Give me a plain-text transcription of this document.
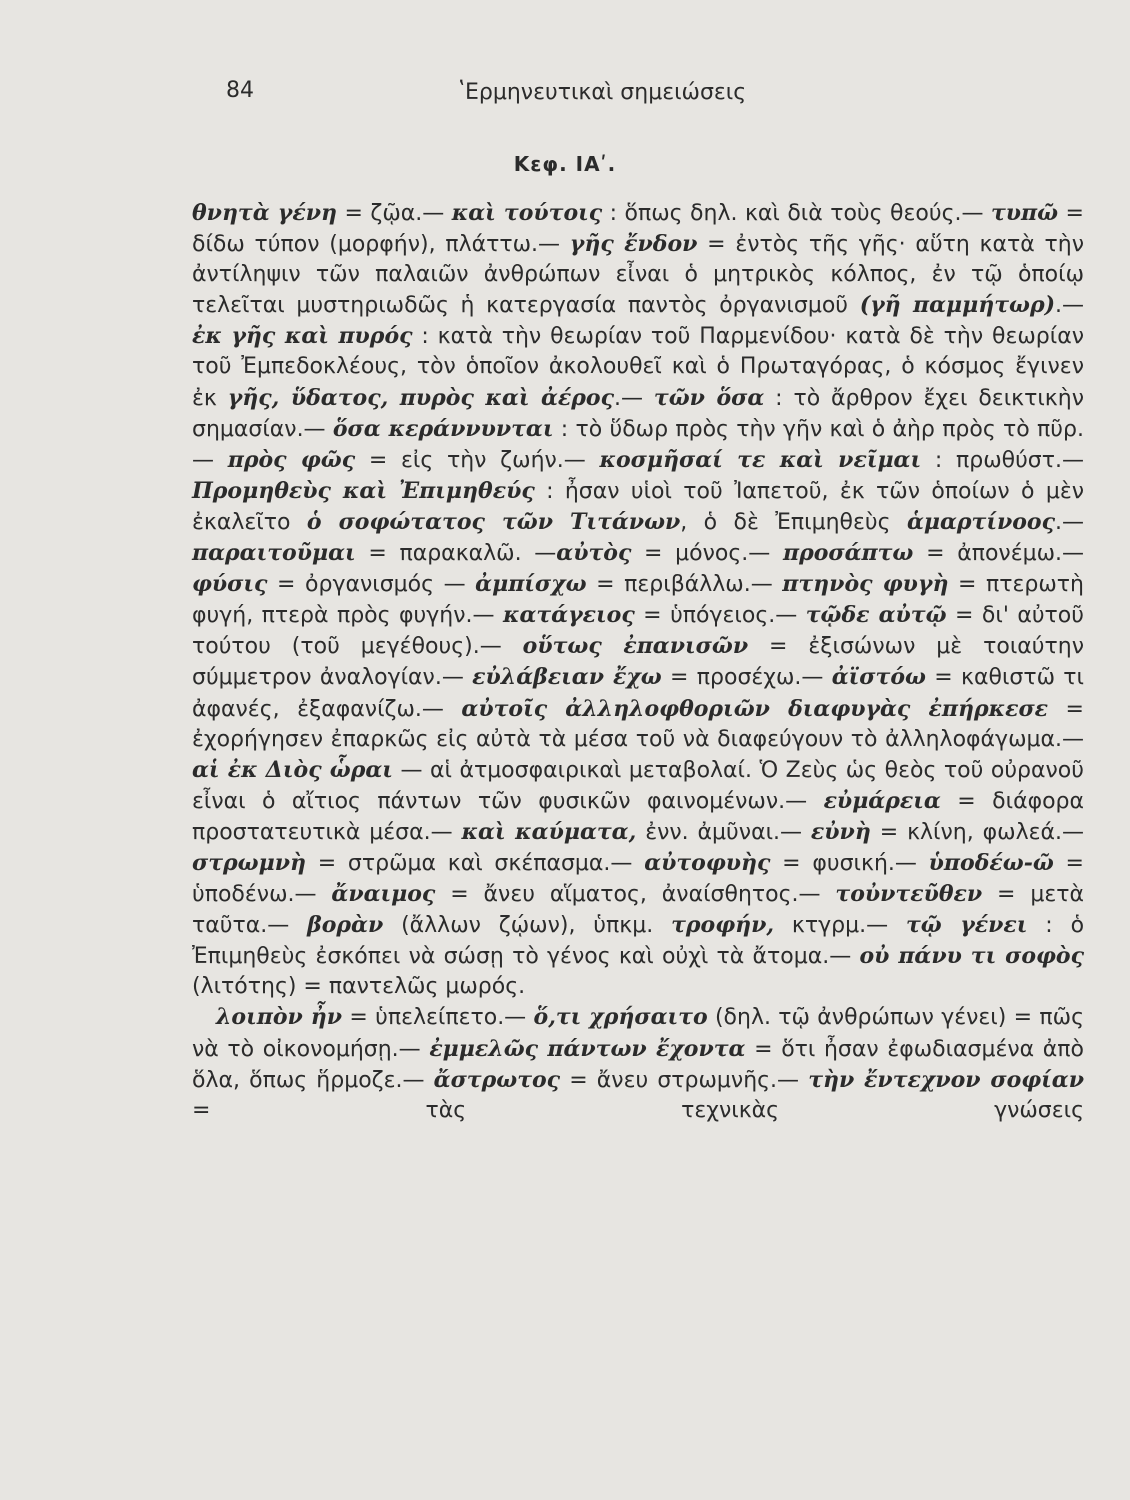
84	ʽΕρμηνευτικαὶ σημειώσεις
Κεφ. ΙΑʹ.

θνητὰ γένη = ζῷα.— καὶ τούτοις : ὅπως δηλ. καὶ διὰ τοὺς θεούς.— τυπῶ = δίδω τύπον (μορφήν), πλάττω.— γῆς ἔνδον = ἐντὸς τῆς γῆς· αὕτη κατὰ τὴν ἀντίληψιν τῶν παλαιῶν ἀνθρώπων εἶναι ὁ μητρικὸς κόλπος, ἐν τῷ ὁποίῳ τελεῖται μυστηριωδῶς ἡ κατεργασία παντὸς ὀργανισμοῦ (γῆ παμμήτωρ).— ἐκ γῆς καὶ πυρός : κατὰ τὴν θεωρίαν τοῦ Παρμενίδου· κατὰ δὲ τὴν θεωρίαν τοῦ Ἐμπεδοκλέους, τὸν ὁποῖον ἀκολουθεῖ καὶ ὁ Πρωταγόρας, ὁ κόσμος ἔγινεν ἐκ γῆς, ὕδατος, πυρὸς καὶ ἀέρος.— τῶν ὅσα : τὸ ἄρθρον ἔχει δεικτικὴν σημασίαν.— ὅσα κεράννυνται : τὸ ὕδωρ πρὸς τὴν γῆν καὶ ὁ ἀὴρ πρὸς τὸ πῦρ.— πρὸς φῶς = εἰς τὴν ζωήν.— κοσμῆσαί τε καὶ νεῖμαι : πρωθύστ.— Προμηθεὺς καὶ Ἐπιμηθεύς : ἦσαν υἱοὶ τοῦ Ἰαπετοῦ, ἐκ τῶν ὁποίων ὁ μὲν ἐκαλεῖτο ὁ σοφώτατος τῶν Τιτάνων, ὁ δὲ Ἐπιμηθεὺς ἁμαρτίνοος.— παραιτοῦμαι = παρακαλῶ. —αὐτὸς = μόνος.— προσάπτω = ἀπονέμω.— φύσις = ὀργανισμός — ἀμπίσχω = περιβάλλω.— πτηνὸς φυγὴ = πτερωτὴ φυγή, πτερὰ πρὸς φυγήν.— κατάγειος = ὑπόγειος.— τῷδε αὐτῷ = δι' αὐτοῦ τούτου (τοῦ μεγέθους).— οὕτως ἐπανισῶν = ἐξισώνων μὲ τοιαύτην σύμμετρον ἀναλογίαν.— εὐλάβειαν ἔχω = προσέχω.— ἀϊστόω = καθιστῶ τι ἀφανές, ἐξαφανίζω.— αὐτοῖς ἀλληλοφθοριῶν διαφυγὰς ἐπήρκεσε = ἐχορήγησεν ἐπαρκῶς εἰς αὐτὰ τὰ μέσα τοῦ νὰ διαφεύγουν τὸ ἀλληλοφάγωμα.— αἱ ἐκ Διὸς ὧραι — αἱ ἀτμοσφαιρικαὶ μεταβολαί. Ὁ Ζεὺς ὡς θεὸς τοῦ οὐρανοῦ εἶναι ὁ αἴτιος πάντων τῶν φυσικῶν φαινομένων.— εὐμάρεια = διάφορα προστατευτικὰ μέσα.— καὶ καύματα, ἐνν. ἀμῦναι.— εὐνὴ = κλίνη, φωλεά.— στρωμνὴ = στρῶμα καὶ σκέπασμα.— αὐτοφυὴς = φυσική.— ὑποδέω-ῶ = ὑποδένω.— ἄναιμος = ἄνευ αἵματος, ἀναίσθητος.— τοὐντεῦθεν = μετὰ ταῦτα.— βορὰν (ἄλλων ζῴων), ὑπκμ. τροφήν, κτγρμ.— τῷ γένει : ὁ Ἐπιμηθεὺς ἐσκόπει νὰ σώσῃ τὸ γένος καὶ οὐχὶ τὰ ἄτομα.— οὐ πάνυ τι σοφὸς (λιτότης) = παντελῶς μωρός.

λοιπὸν ἦν = ὑπελείπετο.— ὅ,τι χρήσαιτο (δηλ. τῷ ἀνθρώπων γένει) = πῶς νὰ τὸ οἰκονομήσῃ.— ἐμμελῶς πάντων ἔχοντα = ὅτι ἦσαν ἐφωδιασμένα ἀπὸ ὅλα, ὅπως ἥρμοζε.— ἄστρωτος = ἄνευ στρωμνῆς.— τὴν ἔντεχνον σοφίαν = τὰς τεχνικὰς γνώσεις
